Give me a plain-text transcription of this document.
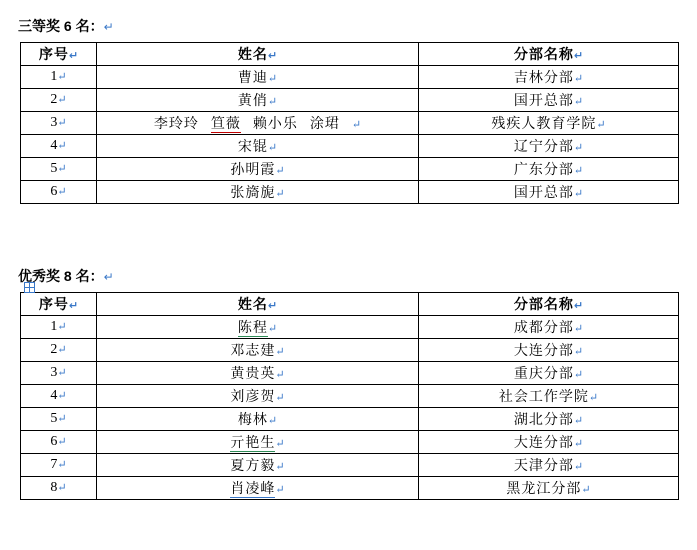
三等奖 6 名：↵
序号↵	姓名↵	分部名称↵
1↵	曹迪↵	吉林分部↵
2↵	黄俏↵	国开总部↵
3↵	李玲玲 笪薇 赖小乐 涂珺 ↵	残疾人教育学院↵
4↵	宋锟↵	辽宁分部↵
5↵	孙明霞↵	广东分部↵
6↵	张旖旎↵	国开总部↵
优秀奖 8 名：↵
序号↵	姓名↵	分部名称↵
1↵	陈程↵	成都分部↵
2↵	邓志建↵	大连分部↵
3↵	黄贵英↵	重庆分部↵
4↵	刘彦贺↵	社会工作学院↵
5↵	梅林↵	湖北分部↵
6↵	亓艳生↵	大连分部↵
7↵	夏方毅↵	天津分部↵
8↵	肖凌峰↵	黑龙江分部↵
